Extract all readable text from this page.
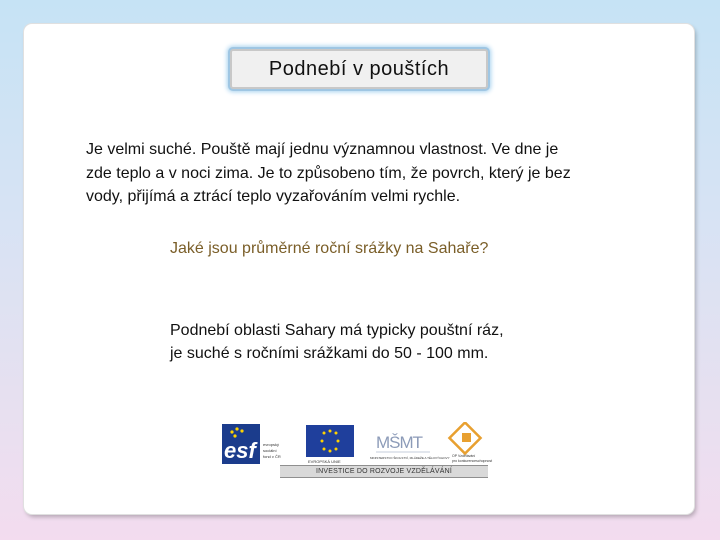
Podnebí v pouštích

Je velmi suché. Pouště mají jednu významnou vlastnost. Ve dne je
zde teplo a v noci zima. Je to způsobeno tím, že povrch, který je bez
vody, přijímá a ztrácí teplo vyzařováním velmi rychle.

Jaké jsou průměrné roční srážky na Sahaře?

Podnebí oblasti Sahary má typicky pouštní ráz,
je suché s ročními srážkami do 50 - 100 mm.

esf	evropský
sociální
fond v ČR
EVROPSKÁ UNIE
MŠMT
MINISTERSTVO ŠKOLSTVÍ, MLÁDEŽE A TĚLOVÝCHOVY OP Vzdělávání
pro konkurenceschopnost
INVESTICE DO ROZVOJE VZDĚLÁVÁNÍ
